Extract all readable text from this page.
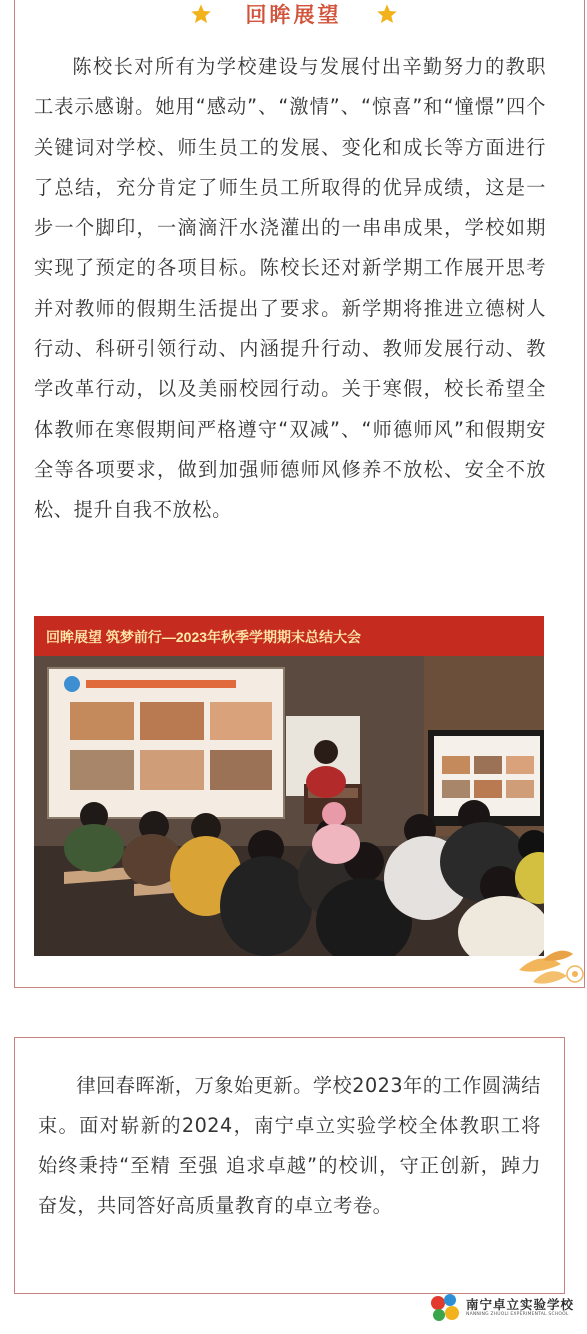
回眸展望

陈校长对所有为学校建设与发展付出辛勤努力的教职工表示感谢。她用“感动”、“激情”、“惊喜”和“憧憬”四个关键词对学校、师生员工的发展、变化和成长等方面进行了总结，充分肯定了师生员工所取得的优异成绩，这是一步一个脚印，一滴滴汗水浇灌出的一串串成果，学校如期实现了预定的各项目标。陈校长还对新学期工作展开思考并对教师的假期生活提出了要求。新学期将推进立德树人行动、科研引领行动、内涵提升行动、教师发展行动、教学改革行动，以及美丽校园行动。关于寒假，校长希望全体教师在寒假期间严格遵守“双减”、“师德师风”和假期安全等各项要求，做到加强师德师风修养不放松、安全不放松、提升自我不放松。

回眸展望 筑梦前行—2023年秋季学期期末总结大会

律回春晖渐，万象始更新。学校2023年的工作圆满结束。面对崭新的2024，南宁卓立实验学校全体教职工将始终秉持“至精 至强 追求卓越”的校训，守正创新，踔力奋发，共同答好高质量教育的卓立考卷。

南宁卓立实验学校
NANNING ZHUOLI EXPERIMENTAL SCHOOL
